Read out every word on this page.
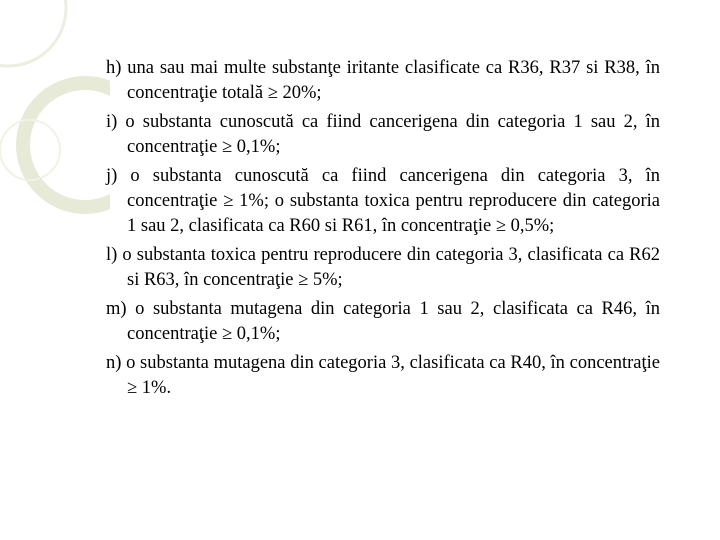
h) una sau mai multe substanţe iritante clasificate ca R36, R37 si R38, în concentraţie totală ≥ 20%;

i) o substanta cunoscută ca fiind cancerigena din categoria 1 sau 2, în concentraţie ≥ 0,1%;

j) o substanta cunoscută ca fiind cancerigena din categoria 3, în concentraţie ≥ 1%; o substanta toxica pentru reproducere din categoria 1 sau 2, clasificata ca R60 si R61, în concentraţie ≥ 0,5%;

l) o substanta toxica pentru reproducere din categoria 3, clasificata ca R62 si R63, în concentraţie ≥ 5%;

m) o substanta mutagena din categoria 1 sau 2, clasificata ca R46, în concentraţie ≥ 0,1%;

n) o substanta mutagena din categoria 3, clasificata ca R40, în concentraţie ≥ 1%.
